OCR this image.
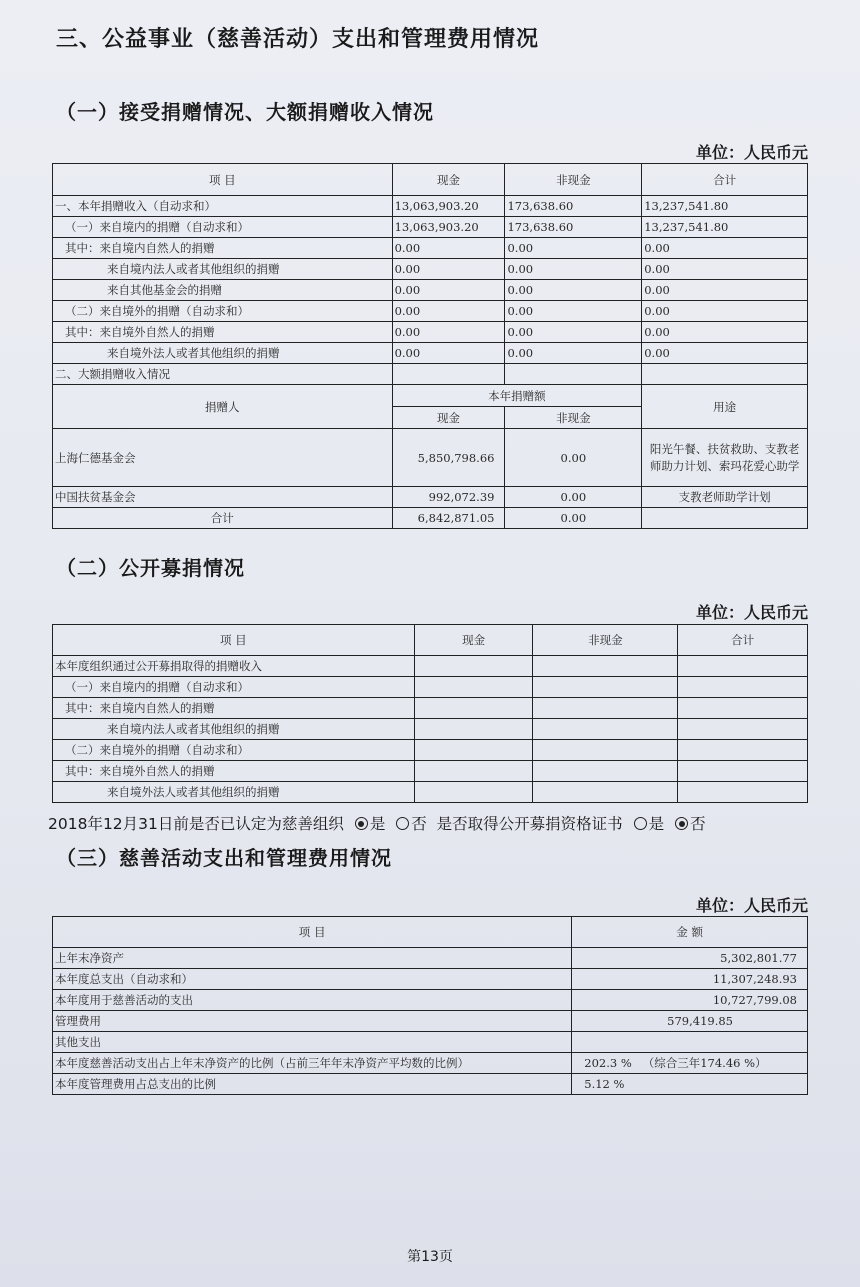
三、公益事业（慈善活动）支出和管理费用情况
（一）接受捐赠情况、大额捐赠收入情况
单位：人民币元
项 目	现金	非现金	合计
一、本年捐赠收入（自动求和）	13,063,903.20	173,638.60	13,237,541.80
（一）来自境内的捐赠（自动求和）	13,063,903.20	173,638.60	13,237,541.80
其中：来自境内自然人的捐赠	0.00	0.00	0.00
来自境内法人或者其他组织的捐赠	0.00	0.00	0.00
来自其他基金会的捐赠	0.00	0.00	0.00
（二）来自境外的捐赠（自动求和）	0.00	0.00	0.00
其中：来自境外自然人的捐赠	0.00	0.00	0.00
来自境外法人或者其他组织的捐赠	0.00	0.00	0.00
二、大额捐赠收入情况			
捐赠人	本年捐赠额		用途
	现金	非现金	
上海仁德基金会	5,850,798.66	0.00	阳光午餐、扶贫救助、支教老师助力计划、索玛花爱心助学
中国扶贫基金会	992,072.39	0.00	支教老师助学计划
合计	6,842,871.05	0.00	
（二）公开募捐情况
单位：人民币元
项 目	现金	非现金	合计
本年度组织通过公开募捐取得的捐赠收入			
（一）来自境内的捐赠（自动求和）			
其中：来自境内自然人的捐赠			
来自境内法人或者其他组织的捐赠			
（二）来自境外的捐赠（自动求和）			
其中：来自境外自然人的捐赠			
来自境外法人或者其他组织的捐赠			
2018年12月31日前是否已认定为慈善组织 是 否 是否取得公开募捐资格证书 是 否
（三）慈善活动支出和管理费用情况
单位：人民币元
项 目	金 额
上年末净资产	5,302,801.77
本年度总支出（自动求和）	11,307,248.93
本年度用于慈善活动的支出	10,727,799.08
管理费用	579,419.85
其他支出	
本年度慈善活动支出占上年末净资产的比例（占前三年年末净资产平均数的比例）	202.3 %   （综合三年174.46 %）
本年度管理费用占总支出的比例	5.12 %
第13页
